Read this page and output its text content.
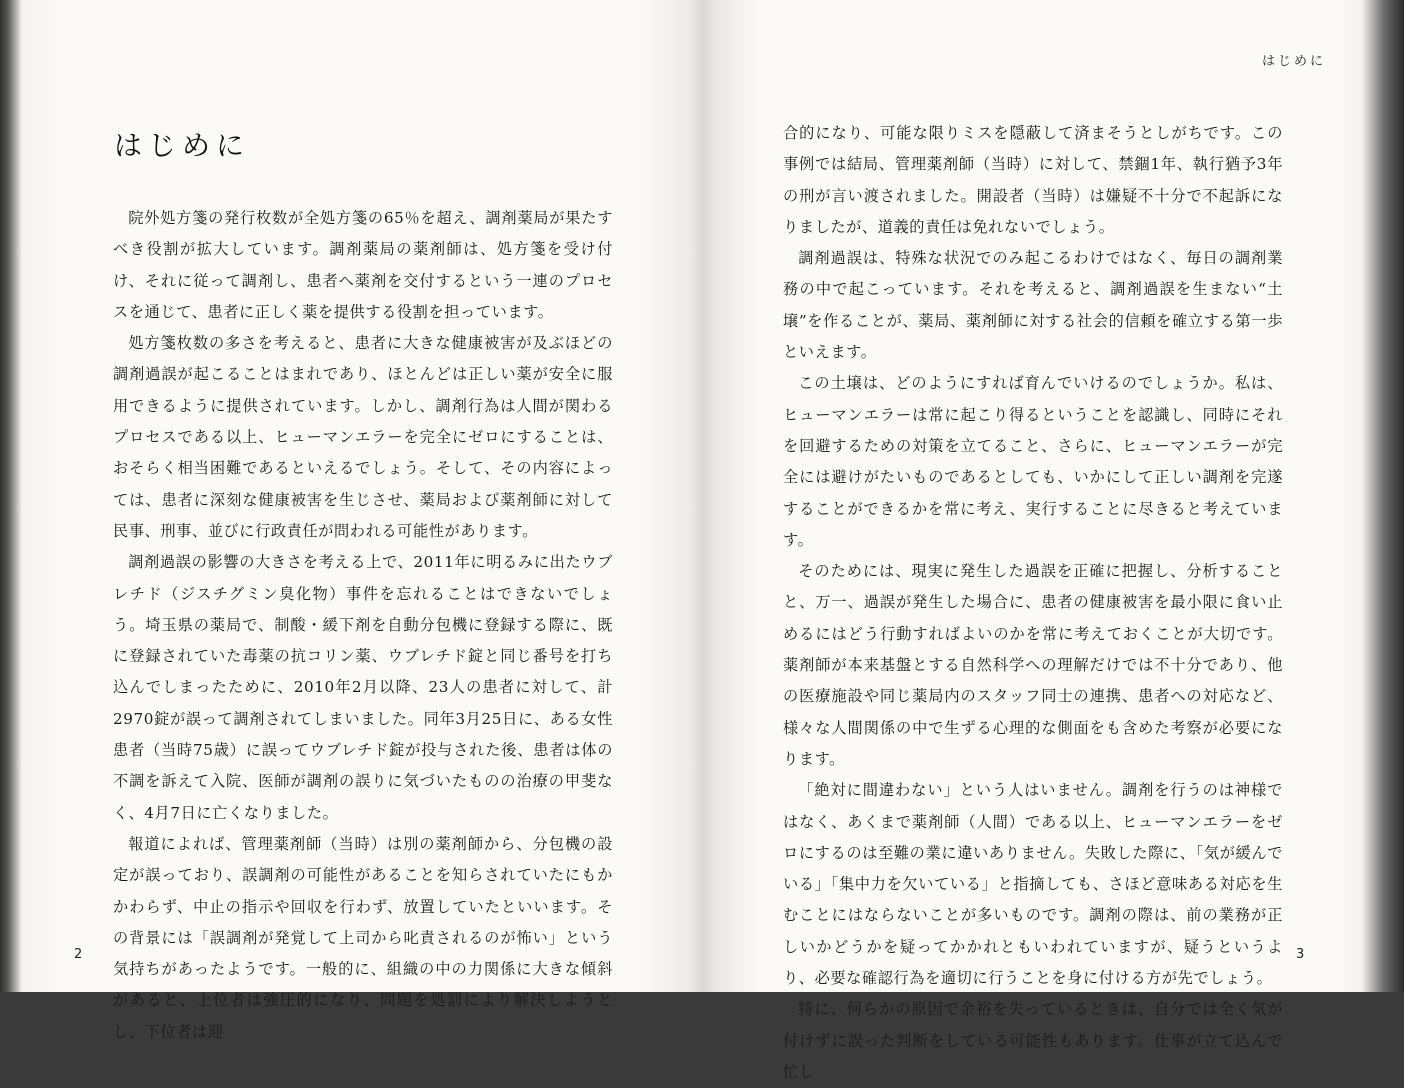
はじめに

院外処方箋の発行枚数が全処方箋の65％を超え、調剤薬局が果たすべき役割が拡大しています。調剤薬局の薬剤師は、処方箋を受け付け、それに従って調剤し、患者へ薬剤を交付するという一連のプロセスを通じて、患者に正しく薬を提供する役割を担っています。

処方箋枚数の多さを考えると、患者に大きな健康被害が及ぶほどの調剤過誤が起こることはまれであり、ほとんどは正しい薬が安全に服用できるように提供されています。しかし、調剤行為は人間が関わるプロセスである以上、ヒューマンエラーを完全にゼロにすることは、おそらく相当困難であるといえるでしょう。そして、その内容によっては、患者に深刻な健康被害を生じさせ、薬局および薬剤師に対して民事、刑事、並びに行政責任が問われる可能性があります。

調剤過誤の影響の大きさを考える上で、2011年に明るみに出たウブレチド（ジスチグミン臭化物）事件を忘れることはできないでしょう。埼玉県の薬局で、制酸・緩下剤を自動分包機に登録する際に、既に登録されていた毒薬の抗コリン薬、ウブレチド錠と同じ番号を打ち込んでしまったために、2010年2月以降、23人の患者に対して、計2970錠が誤って調剤されてしまいました。同年3月25日に、ある女性患者（当時75歳）に誤ってウブレチド錠が投与された後、患者は体の不調を訴えて入院、医師が調剤の誤りに気づいたものの治療の甲斐なく、4月7日に亡くなりました。

報道によれば、管理薬剤師（当時）は別の薬剤師から、分包機の設定が誤っており、誤調剤の可能性があることを知らされていたにもかかわらず、中止の指示や回収を行わず、放置していたといいます。その背景には「誤調剤が発覚して上司から叱責されるのが怖い」という気持ちがあったようです。一般的に、組織の中の力関係に大きな傾斜があると、上位者は強圧的になり、問題を処罰により解決しようとし、下位者は迎

2
はじめに

合的になり、可能な限りミスを隠蔽して済まそうとしがちです。この事例では結局、管理薬剤師（当時）に対して、禁錮1年、執行猶予3年の刑が言い渡されました。開設者（当時）は嫌疑不十分で不起訴になりましたが、道義的責任は免れないでしょう。

調剤過誤は、特殊な状況でのみ起こるわけではなく、毎日の調剤業務の中で起こっています。それを考えると、調剤過誤を生まない“土壌”を作ることが、薬局、薬剤師に対する社会的信頼を確立する第一歩といえます。

この土壌は、どのようにすれば育んでいけるのでしょうか。私は、ヒューマンエラーは常に起こり得るということを認識し、同時にそれを回避するための対策を立てること、さらに、ヒューマンエラーが完全には避けがたいものであるとしても、いかにして正しい調剤を完遂することができるかを常に考え、実行することに尽きると考えています。

そのためには、現実に発生した過誤を正確に把握し、分析することと、万一、過誤が発生した場合に、患者の健康被害を最小限に食い止めるにはどう行動すればよいのかを常に考えておくことが大切です。薬剤師が本来基盤とする自然科学への理解だけでは不十分であり、他の医療施設や同じ薬局内のスタッフ同士の連携、患者への対応など、様々な人間関係の中で生ずる心理的な側面をも含めた考察が必要になります。

「絶対に間違わない」という人はいません。調剤を行うのは神様ではなく、あくまで薬剤師（人間）である以上、ヒューマンエラーをゼロにするのは至難の業に違いありません。失敗した際に、「気が緩んでいる」「集中力を欠いている」と指摘しても、さほど意味ある対応を生むことにはならないことが多いものです。調剤の際は、前の業務が正しいかどうかを疑ってかかれともいわれていますが、疑うというより、必要な確認行為を適切に行うことを身に付ける方が先でしょう。

特に、何らかの原因で余裕を失っているときは、自分では全く気が付けずに誤った判断をしている可能性もあります。仕事が立て込んで忙し

3
